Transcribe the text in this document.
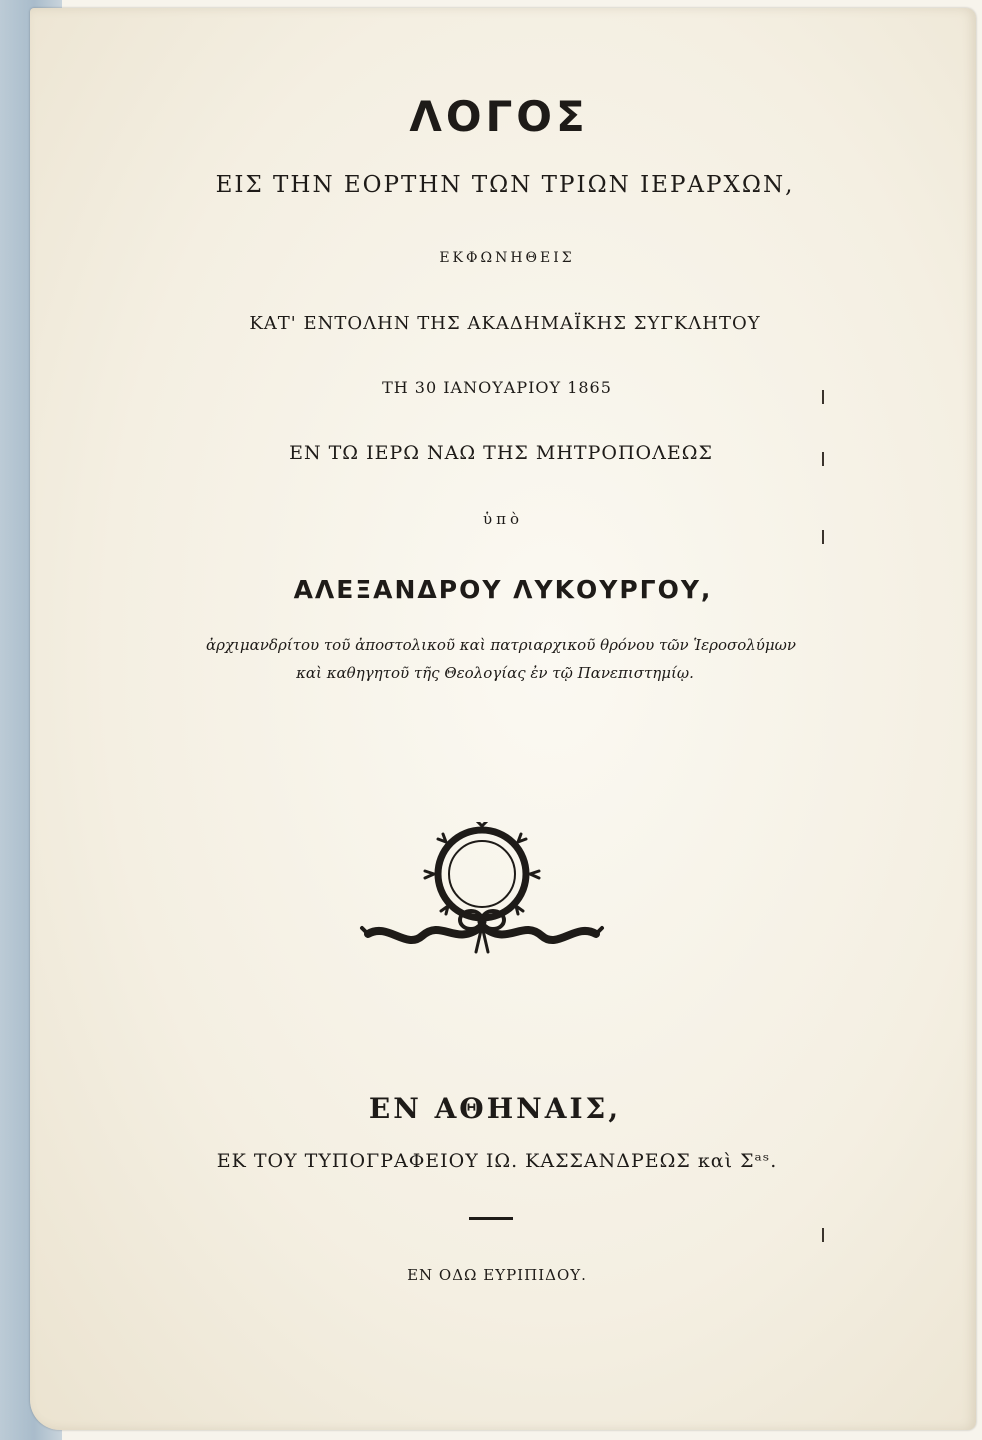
ΛΟΓΟΣ
ΕΙΣ ΤΗΝ ΕΟΡΤΗΝ ΤΩΝ ΤΡΙΩΝ ΙΕΡΑΡΧΩΝ,
ΕΚΦΩΝΗΘΕΙΣ
ΚΑΤ' ΕΝΤΟΛΗΝ ΤΗΣ ΑΚΑΔΗΜΑΪΚΗΣ ΣΥΓΚΛΗΤΟΥ
ΤΗ 30 ΙΑΝΟΥΑΡΙΟΥ 1865
ΕΝ ΤΩ ΙΕΡΩ ΝΑΩ ΤΗΣ ΜΗΤΡΟΠΟΛΕΩΣ
ὑπὸ
ΑΛΕΞΑΝΔΡΟΥ ΛΥΚΟΥΡΓΟΥ,
ἀρχιμανδρίτου τοῦ ἀποστολικοῦ καὶ πατριαρχικοῦ θρόνου τῶν Ἱεροσολύμων
καὶ καθηγητοῦ τῆς Θεολογίας ἐν τῷ Πανεπιστημίῳ.
ΕΝ ΑΘΗΝΑΙΣ,
ΕΚ ΤΟΥ ΤΥΠΟΓΡΑΦΕΙΟΥ ΙΩ. ΚΑΣΣΑΝΔΡΕΩΣ καὶ Σᵃˢ.
ΕΝ ΟΔΩ ΕΥΡΙΠΙΔΟΥ.
